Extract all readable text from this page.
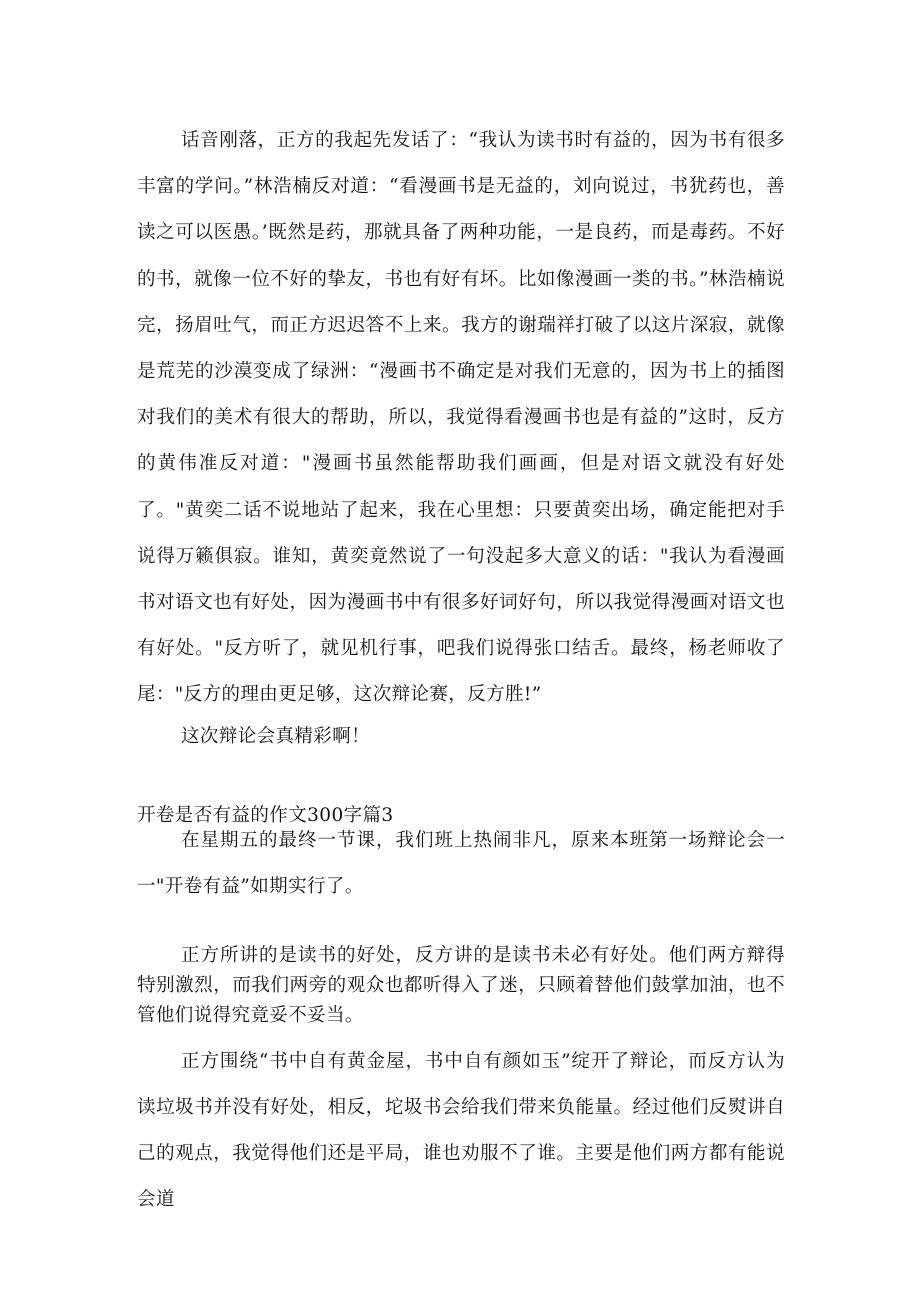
话音刚落，正方的我起先发话了：“我认为读书时有益的，因为书有很多丰富的学问。”林浩楠反对道：“看漫画书是无益的，刘向说过，书犹药也，善读之可以医愚。’既然是药，那就具备了两种功能，一是良药，而是毒药。不好的书，就像一位不好的挚友，书也有好有坏。比如像漫画一类的书。”林浩楠说完，扬眉吐气，而正方迟迟答不上来。我方的谢瑞祥打破了以这片深寂，就像是荒芜的沙漠变成了绿洲：“漫画书不确定是对我们无意的，因为书上的插图对我们的美术有很大的帮助，所以，我觉得看漫画书也是有益的”这时，反方的黄伟准反对道："漫画书虽然能帮助我们画画，但是对语文就没有好处了。"黄奕二话不说地站了起来，我在心里想：只要黄奕出场，确定能把对手说得万籁俱寂。谁知，黄奕竟然说了一句没起多大意义的话："我认为看漫画书对语文也有好处，因为漫画书中有很多好词好句，所以我觉得漫画对语文也有好处。"反方听了，就见机行事，吧我们说得张口结舌。最终，杨老师收了尾："反方的理由更足够，这次辩论赛，反方胜!”

这次辩论会真精彩啊！

开卷是否有益的作文300字篇3

在星期五的最终一节课，我们班上热闹非凡，原来本班第一场辩论会一一"开卷有益”如期实行了。

正方所讲的是读书的好处，反方讲的是读书未必有好处。他们两方辩得特别激烈，而我们两旁的观众也都听得入了迷，只顾着替他们鼓掌加油，也不管他们说得究竟妥不妥当。

正方围绕“书中自有黄金屋，书中自有颜如玉”绽开了辩论，而反方认为读垃圾书并没有好处，相反，坨圾书会给我们带来负能量。经过他们反熨讲自己的观点，我觉得他们还是平局，谁也劝服不了谁。主要是他们两方都有能说会道
